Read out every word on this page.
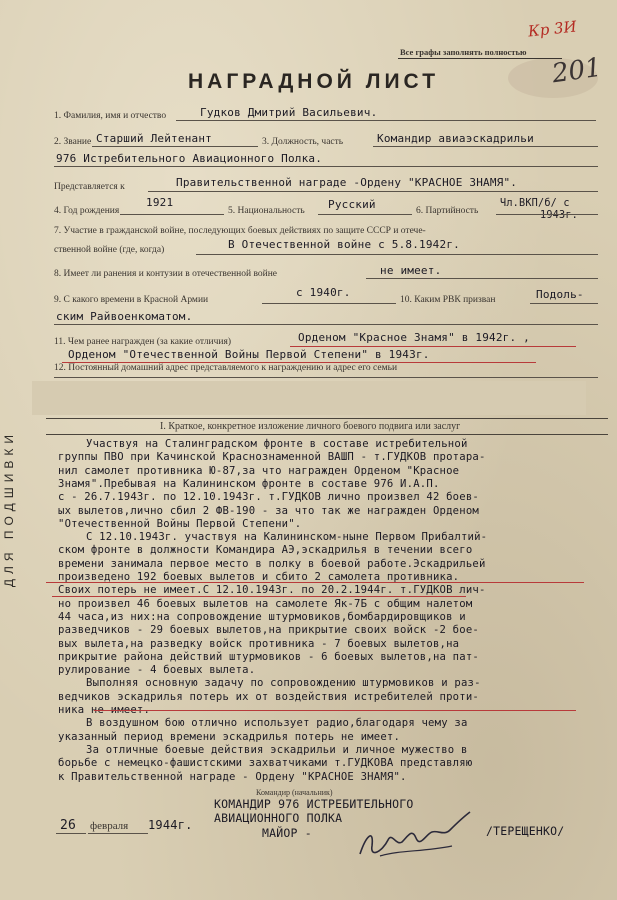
Кр 3И
201
Все графы заполнять полностью
НАГРАДНОЙ ЛИСТ
ДЛЯ ПОДШИВКИ
1. Фамилия, имя и отчество	Гудков Дмитрий Васильевич.
2. Звание Старший Лейтенант	3. Должность, часть	Командир авиаэскадрильи
976 Истребительного Авиационного Полка.
Представляется к	Правительственной награде -Ордену "КРАСНОЕ ЗНАМЯ".
4. Год рождения
1921
5. Национальность Русский	6. Партийность
Чл.ВКП/б/ с
1943г.
7. Участие в гражданской войне, последующих боевых действиях по защите СССР и отече-
ственной войне (где, когда)	В Отечественной войне с 5.8.1942г.
8. Имеет ли ранения и контузии в отечественной войне	не имеет.
9. С какого времени в Красной Армии
с 1940г.
10. Каким РВК призван	Подоль-
ским Райвоенкоматом.
11. Чем ранее награжден (за какие отличия)	Орденом "Красное Знамя" в 1942г. ,
Орденом "Отечественной Войны Первой Степени" в 1943г.
12. Постоянный домашний адрес представляемого к награждению и адрес его семьи
I. Краткое, конкретное изложение личного боевого подвига или заслуг
Участвуя на Сталинградском фронте в составе истребительной
группы ПВО при Качинской Краснознаменной ВАШП - т.ГУДКОВ протара-
нил самолет противника Ю-87,за что награжден Орденом "Красное
Знамя".Пребывая на Калининском фронте в составе 976 И.А.П.
с - 26.7.1943г. по 12.10.1943г. т.ГУДКОВ лично произвел 42 боев-
ых вылетов,лично сбил 2 ФВ-190 - за что так же награжден Орденом
"Отечественной Войны Первой Степени".
С 12.10.1943г. участвуя на Калининском-ныне Первом Прибалтий-
ском фронте в должности Командира АЭ,эскадрилья в течении всего
времени занимала первое место в полку в боевой работе.Эскадрильей
произведено 192 боевых вылетов и сбито 2 самолета противника.
Своих потерь не имеет.С 12.10.1943г. по 20.2.1944г. т.ГУДКОВ лич-
но произвел 46 боевых вылетов на самолете Як-7Б с общим налетом
44 часа,из них:на сопровождение штурмовиков,бомбардировщиков и
разведчиков - 29 боевых вылетов,на прикрытие своих войск -2 бое-
вых вылета,на разведку войск противника - 7 боевых вылетов,на
прикрытие района действий штурмовиков - 6 боевых вылетов,на пат-
рулирование - 4 боевых вылета.
Выполняя основную задачу по сопровождению штурмовиков и раз-
ведчиков эскадрилья потерь их от воздействия истребителей проти-
ника не имеет.
В воздушном бою отлично использует радио,благодаря чему за
указанный период времени эскадрилья потерь не имеет.
За отличные боевые действия эскадрильи и личное мужество в
борьбе с немецко-фашистскими захватчиками т.ГУДКОВА представляю
к Правительственной награде - Ордену "КРАСНОЕ ЗНАМЯ".
Командир (начальник)
КОМАНДИР 976 ИСТРЕБИТЕЛЬНОГО
АВИАЦИОННОГО ПОЛКА
МАЙОР -	/ТЕРЕЩЕНКО/
26 февраля 1944г.
